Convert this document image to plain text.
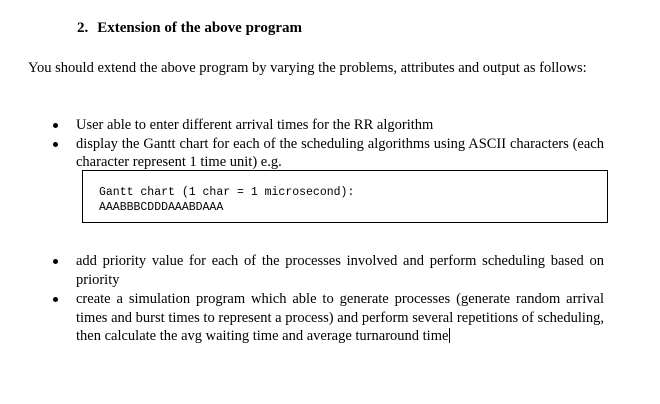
2. Extension of the above program
You should extend the above program by varying the problems, attributes and output as follows:
User able to enter different arrival times for the RR algorithm
display the Gantt chart for each of the scheduling algorithms using ASCII characters (each character represent 1 time unit) e.g.
Gantt chart (1 char = 1 microsecond):
AAABBBCDDDAAABDAAA
add priority value for each of the processes involved and perform scheduling based on priority
create a simulation program which able to generate processes (generate random arrival times and burst times to represent a process) and perform several repetitions of scheduling, then calculate the avg waiting time and average turnaround time
